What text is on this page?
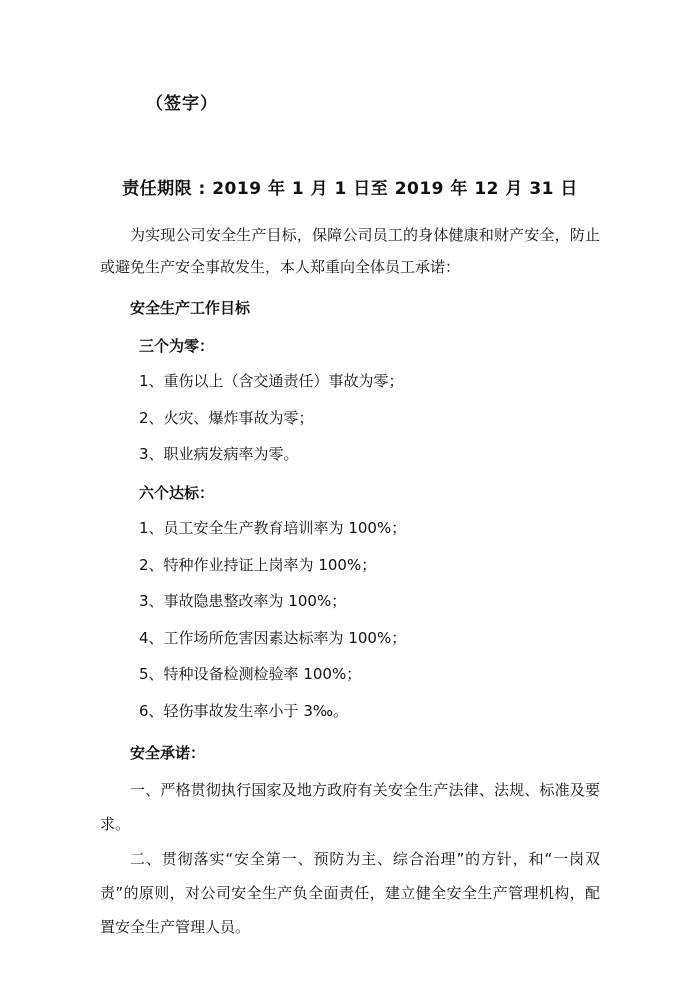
（签字）
责任期限 : 2019 年 1 月 1 日至 2019 年 12 月 31 日

为实现公司安全生产目标，保障公司员工的身体健康和财产安全，防止或避免生产安全事故发生，本人郑重向全体员工承诺：

安全生产工作目标

三个为零：

1、重伤以上（含交通责任）事故为零；

2、火灾、爆炸事故为零；

3、职业病发病率为零。

六个达标：

1、员工安全生产教育培训率为 100%；

2、特种作业持证上岗率为 100%；

3、事故隐患整改率为 100%；

4、工作场所危害因素达标率为 100%；

5、特种设备检测检验率 100%；

6、轻伤事故发生率小于 3‰。

安全承诺：

一、严格贯彻执行国家及地方政府有关安全生产法律、法规、标准及要求。

二、贯彻落实“安全第一、预防为主、综合治理”的方针，和“一岗双责”的原则，对公司安全生产负全面责任，建立健全安全生产管理机构，配置安全生产管理人员。
